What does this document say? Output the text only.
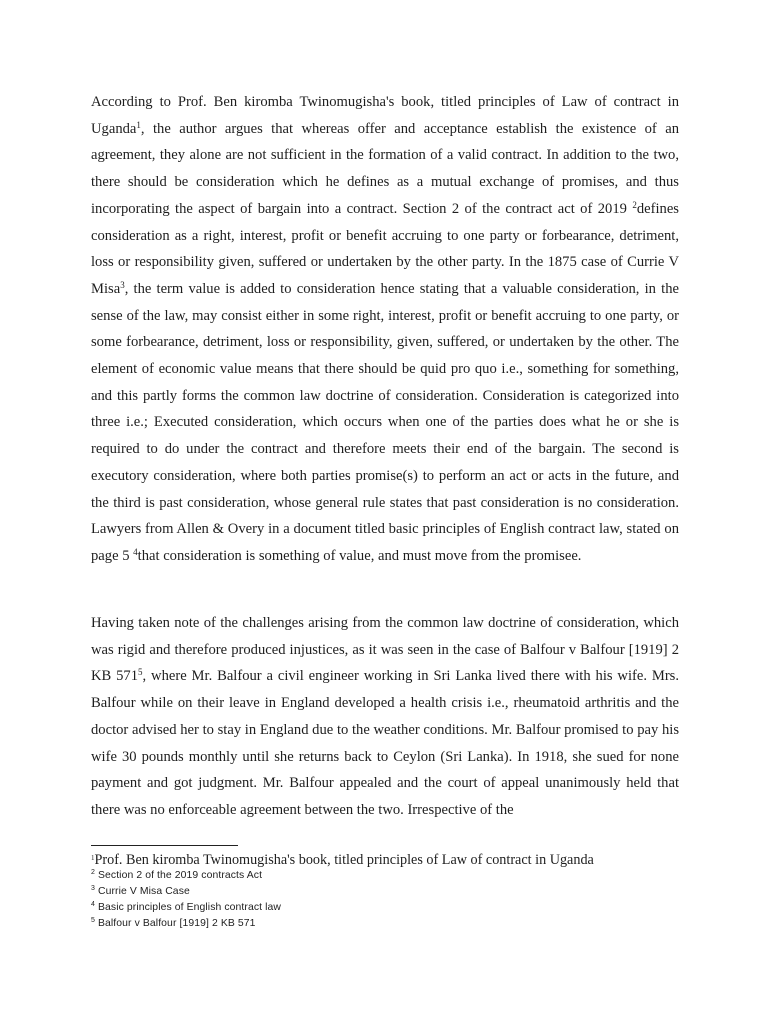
According to Prof. Ben kiromba Twinomugisha's book, titled principles of Law of contract in Uganda$^1$, the author argues that whereas offer and acceptance establish the existence of an agreement, they alone are not sufficient in the formation of a valid contract. In addition to the two, there should be consideration which he defines as a mutual exchange of promises, and thus incorporating the aspect of bargain into a contract. Section 2 of the contract act of 2019 $^2$defines consideration as a right, interest, profit or benefit accruing to one party or forbearance, detriment, loss or responsibility given, suffered or undertaken by the other party. In the 1875 case of Currie V Misa$^3$, the term value is added to consideration hence stating that a valuable consideration, in the sense of the law, may consist either in some right, interest, profit or benefit accruing to one party, or some forbearance, detriment, loss or responsibility, given, suffered, or undertaken by the other. The element of economic value means that there should be quid pro quo i.e., something for something, and this partly forms the common law doctrine of consideration. Consideration is categorized into three i.e.; Executed consideration, which occurs when one of the parties does what he or she is required to do under the contract and therefore meets their end of the bargain. The second is executory consideration, where both parties promise(s) to perform an act or acts in the future, and the third is past consideration, whose general rule states that past consideration is no consideration. Lawyers from Allen & Overy in a document titled basic principles of English contract law, stated on page 5 $^4$that consideration is something of value, and must move from the promisee.

Having taken note of the challenges arising from the common law doctrine of consideration, which was rigid and therefore produced injustices, as it was seen in the case of Balfour v Balfour [1919] 2 KB $571^5$, where Mr. Balfour a civil engineer working in Sri Lanka lived there with his wife. Mrs. Balfour while on their leave in England developed a health crisis i.e., rheumatoid arthritis and the doctor advised her to stay in England due to the weather conditions. Mr. Balfour promised to pay his wife 30 pounds monthly until she returns back to Ceylon (Sri Lanka). In 1918, she sued for none payment and got judgment. Mr. Balfour appealed and the court of appeal unanimously held that there was no enforceable agreement between the two. Irrespective of the

$^1$Prof. Ben kiromba Twinomugisha's book, titled principles of Law of contract in Uganda
$^2$ Section 2 of the 2019 contracts Act
$^3$ Currie V Misa Case
$^4$ Basic principles of English contract law
$^5$ Balfour v Balfour [1919] 2 KB 571
